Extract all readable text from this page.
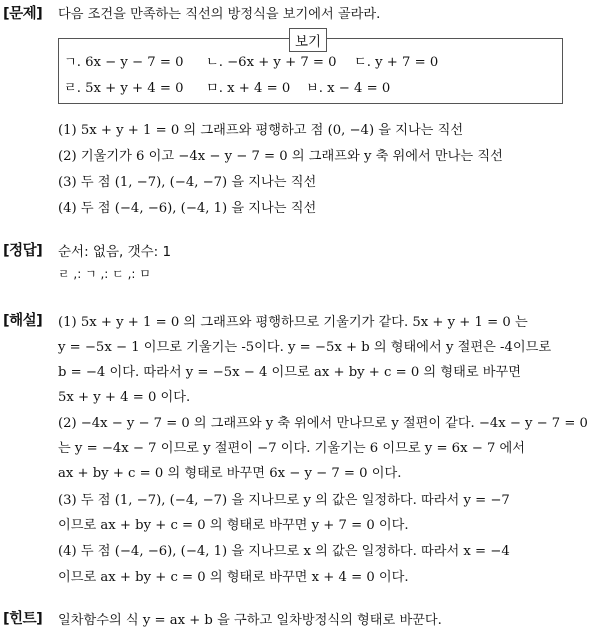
[문제] 다음 조건을 만족하는 직선의 방정식을 보기에서 골라라.
보기
ㄱ. 6x − y − 7 = 0 ㄴ. −6x + y + 7 = 0 ㄷ. y + 7 = 0
ㄹ. 5x + y + 4 = 0 ㅁ. x + 4 = 0 ㅂ. x − 4 = 0
(1) 5x + y + 1 = 0 의 그래프와 평행하고 점 (0, −4) 을 지나는 직선
(2) 기울기가 6 이고 −4x − y − 7 = 0 의 그래프와 y 축 위에서 만나는 직선
(3) 두 점 (1, −7), (−4, −7) 을 지나는 직선
(4) 두 점 (−4, −6), (−4, 1) 을 지나는 직선
[정답] 순서: 없음, 갯수: 1
ㄹ ,: ㄱ ,: ㄷ ,: ㅁ
[해설] (1) 5x + y + 1 = 0 의 그래프와 평행하므로 기울기가 같다. 5x + y + 1 = 0 는
y = −5x − 1 이므로 기울기는 -5이다. y = −5x + b 의 형태에서 y 절편은 -4이므로
b = −4 이다. 따라서 y = −5x − 4 이므로 ax + by + c = 0 의 형태로 바꾸면
5x + y + 4 = 0 이다.
(2) −4x − y − 7 = 0 의 그래프와 y 축 위에서 만나므로 y 절편이 같다. −4x − y − 7 = 0
는 y = −4x − 7 이므로 y 절편이 −7 이다. 기울기는 6 이므로 y = 6x − 7 에서
ax + by + c = 0 의 형태로 바꾸면 6x − y − 7 = 0 이다.
(3) 두 점 (1, −7), (−4, −7) 을 지나므로 y 의 값은 일정하다. 따라서 y = −7
이므로 ax + by + c = 0 의 형태로 바꾸면 y + 7 = 0 이다.
(4) 두 점 (−4, −6), (−4, 1) 을 지나므로 x 의 값은 일정하다. 따라서 x = −4
이므로 ax + by + c = 0 의 형태로 바꾸면 x + 4 = 0 이다.
[힌트] 일차함수의 식 y = ax + b 을 구하고 일차방정식의 형태로 바꾼다.
